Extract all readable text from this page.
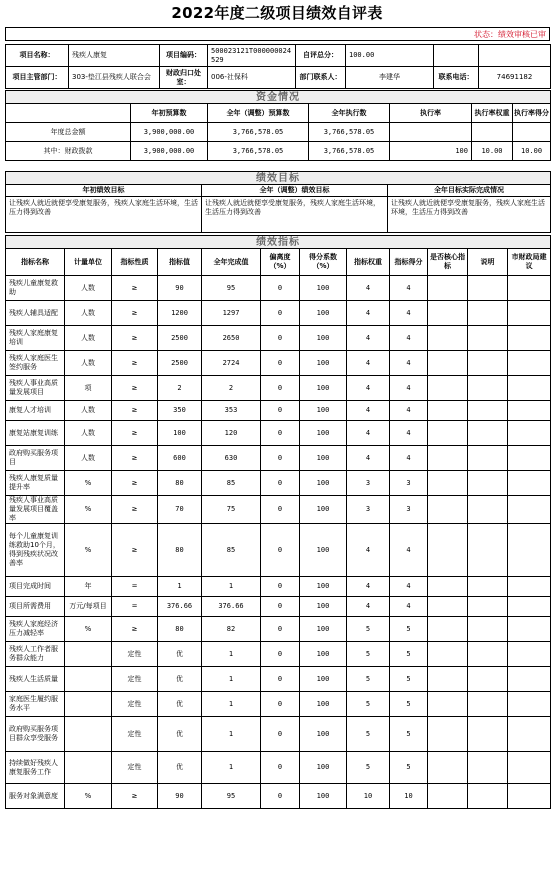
2022年度二级项目绩效自评表
状态：绩效审核已审
项目名称：	残疾人康复	项目编码：	500023121T000000024529	自评总分：	100.00		
项目主管部门：	303-垫江县残疾人联合会	财政归口处室：	006-社保科	部门联系人：	李建华	联系电话：	74691182
资金情况						
	年初预算数	全年（调整）预算数	全年执行数	执行率	执行率权重	执行率得分
年度总金额	3,900,000.00	3,766,578.05	3,766,578.05			
其中：财政拨款	3,900,000.00	3,766,578.05	3,766,578.05	100	10.00	10.00
绩效目标		
年初绩效目标	全年（调整）绩效目标	全年目标实际完成情况
让残疾人就近就便享受康复服务，残疾人家庭生活环境，生活压力得到改善	让残疾人就近就便享受康复服务，残疾人家庭生活环境，生活压力得到改善	让残疾人就近就便享受康复服务，残疾人家庭生活环境，生活压力得到改善
绩效指标											
指标名称	计量单位	指标性质	指标值	全年完成值	偏离度（%）	得分系数（%）	指标权重	指标得分	是否核心指标	说明	市财政局建议
残疾儿童康复救助	人数	≥	90	95	0	100	4	4			
残疾人辅具适配	人数	≥	1200	1297	0	100	4	4			
残疾人家庭康复培训	人数	≥	2500	2650	0	100	4	4			
残疾人家庭医生签约服务	人数	≥	2500	2724	0	100	4	4			
残疾人事业高质量发展项目	项	≥	2	2	0	100	4	4			
康复人才培训	人数	≥	350	353	0	100	4	4			
康复站康复训练	人数	≥	100	120	0	100	4	4			
政府购买服务项目	人数	≥	600	630	0	100	4	4			
残疾人康复质量提升率	%	≥	80	85	0	100	3	3			
残疾人事业高质量发展项目覆盖率	%	≥	70	75	0	100	3	3			
每个儿童康复训练救助10个月，得到残疾状况改善率	%	≥	80	85	0	100	4	4			
项目完成时间	年	=	1	1	0	100	4	4			
项目所需费用	万元/每项目	=	376.66	376.66	0	100	4	4			
残疾人家庭经济压力减轻率	%	≥	80	82	0	100	5	5			
残疾人工作者服务群众能力		定性	优	1	0	100	5	5			
残疾人生活质量		定性	优	1	0	100	5	5			
家庭医生履约服务水平		定性	优	1	0	100	5	5			
政府购买服务项目群众享受服务		定性	优	1	0	100	5	5			
持续做好残疾人康复服务工作		定性	优	1	0	100	5	5			
服务对象满意度	%	≥	90	95	0	100	10	10			
